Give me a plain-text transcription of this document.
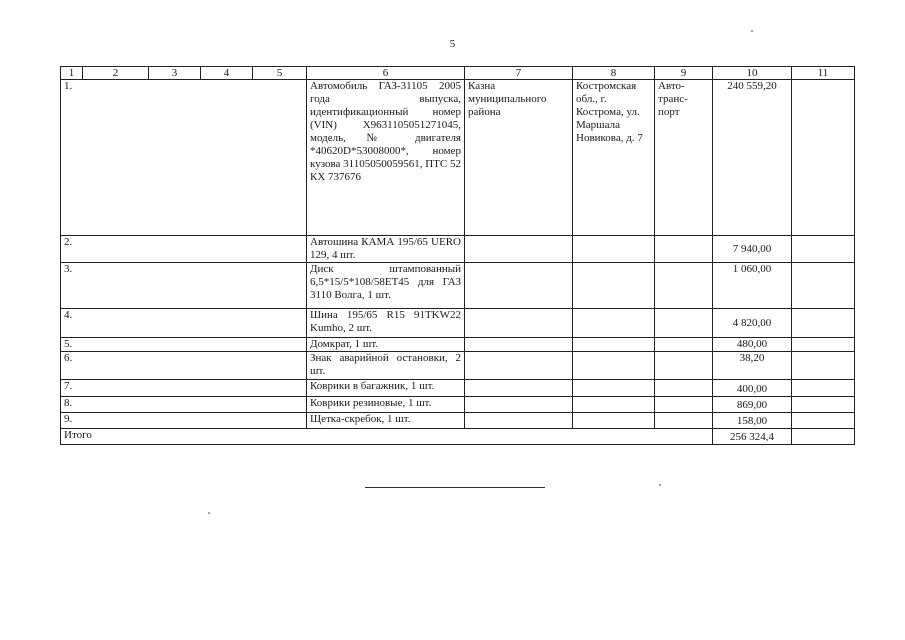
5
1	2	3	4	5	6	7	8	9	10	11
1.					Автомобиль ГАЗ-31105 2005 года выпуска, идентификационный номер (VIN) X9631105051271045, модель, № двигателя *40620D*53008000*, номер кузова 31105050059561, ПТС 52 КХ 737676	Казна муниципального района	Костромская обл., г. Кострома, ул. Маршала Новикова, д. 7	Авто-транс-порт	240 559,20	
2.					Автошина КАМА 195/65 UERO 129, 4 шт.				7 940,00	
3.					Диск штампованный 6,5*15/5*108/58ET45 для ГАЗ 3110 Волга, 1 шт.				1 060,00	
4.					Шина 195/65 R15 91TKW22 Kumho, 2 шт.				4 820,00	
5.					Домкрат, 1 шт.				480,00	
6.					Знак аварийной остановки, 2 шт.				38,20	
7.					Коврики в багажник, 1 шт.				400,00	
8.					Коврики резиновые, 1 шт.				869,00	
9.					Щетка-скребок, 1 шт.				158,00	
Итого									256 324,4	
